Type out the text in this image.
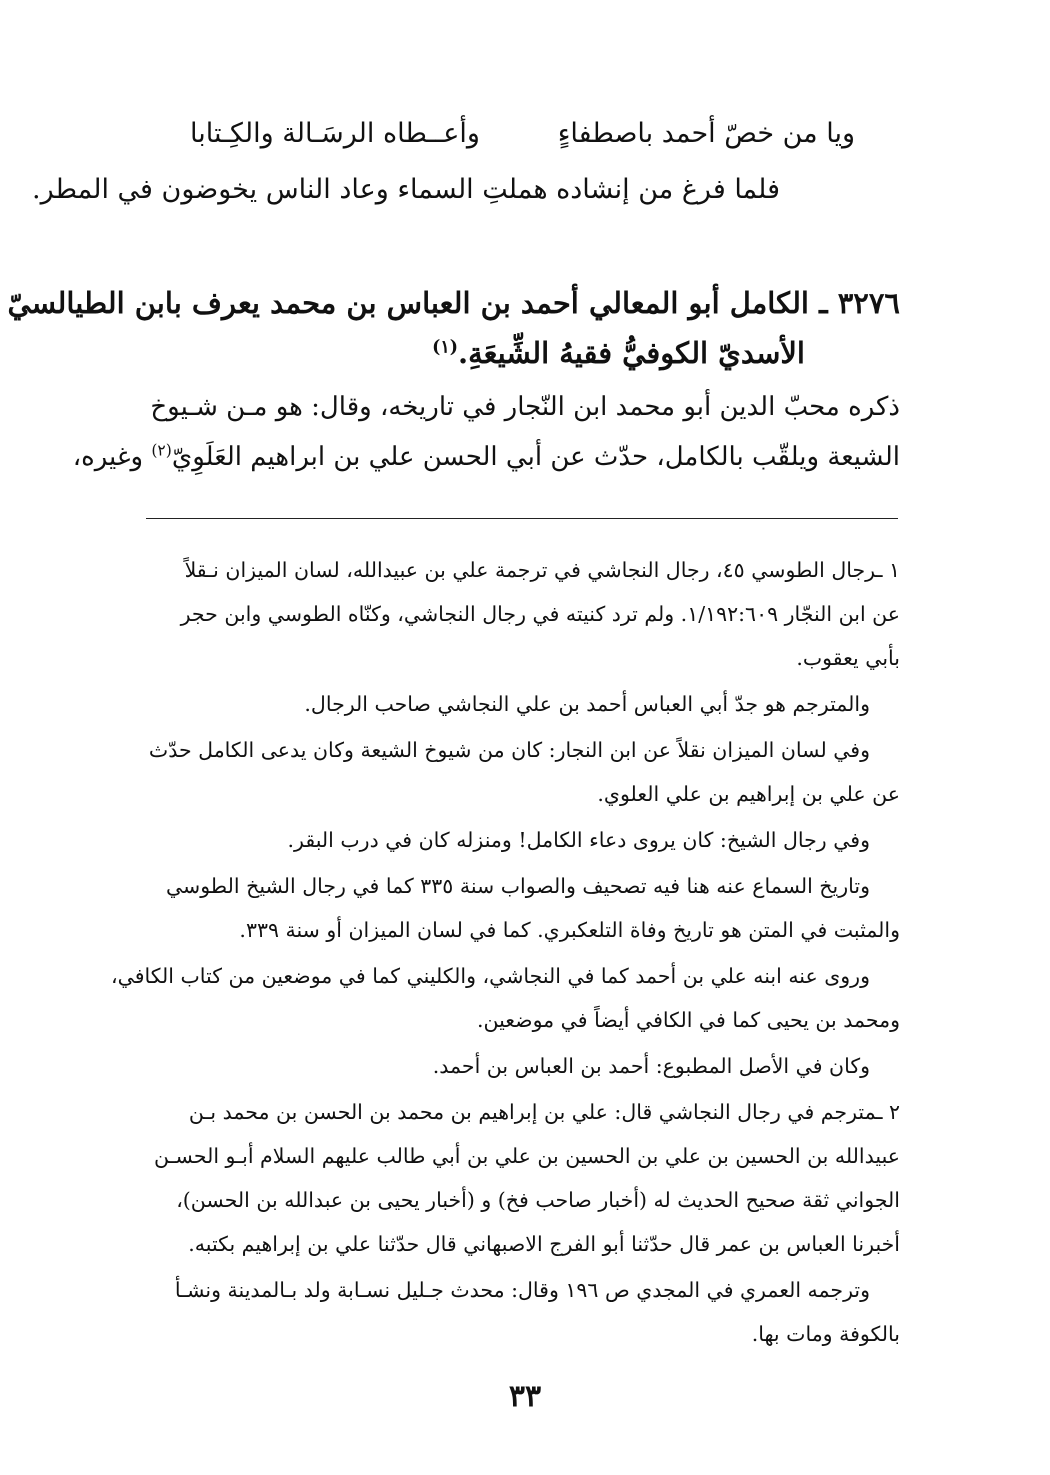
ويا من خصّ أحمد باصطفاءٍ
وأعــطاه الرسَـالة والكِـتابا
فلما فرغ من إنشاده هملتِ السماء وعاد الناس يخوضون في المطر.
٣٢٧٦ ـ الكامل أبو المعالي أحمد بن العباس بن محمد يعرف بابن الطيالسيّ
الأسديّ الكوفيُّ فقيهُ الشِّيعَةِ.$^{(١)}$
ذكره محبّ الدين أبو محمد ابن النّجار في تاريخه، وقال: هو مـن شـيوخ
الشيعة ويلقّب بالكامل، حدّث عن أبي الحسن علي بن ابراهيم العَلَوِيّ$^{(٢)}$ وغيره،
١ ـرجال الطوسي ٤٥، رجال النجاشي في ترجمة علي بن عبيدالله، لسان الميزان نـقلاً
عن ابن النجّار ١/١٩٢:٦٠٩. ولم ترد كنيته في رجال النجاشي، وكنّاه الطوسي وابن حجر
بأبي يعقوب.
والمترجم هو جدّ أبي العباس أحمد بن علي النجاشي صاحب الرجال.
وفي لسان الميزان نقلاً عن ابن النجار: كان من شيوخ الشيعة وكان يدعى الكامل حدّث
عن علي بن إبراهيم بن علي العلوي.
وفي رجال الشيخ: كان يروى دعاء الكامل! ومنزله كان في درب البقر.
وتاريخ السماع عنه هنا فيه تصحيف والصواب سنة ٣٣٥ كما في رجال الشيخ الطوسي
والمثبت في المتن هو تاريخ وفاة التلعكبري. كما في لسان الميزان أو سنة ٣٣٩.
وروى عنه ابنه علي بن أحمد كما في النجاشي، والكليني كما في موضعين من كتاب الكافي،
ومحمد بن يحيى كما في الكافي أيضاً في موضعين.
وكان في الأصل المطبوع: أحمد بن العباس بن أحمد.
٢ ـمترجم في رجال النجاشي قال: علي بن إبراهيم بن محمد بن الحسن بن محمد بـن
عبيدالله بن الحسين بن علي بن الحسين بن علي بن أبي طالب عليهم السلام أبـو الحسـن
الجواني ثقة صحيح الحديث له (أخبار صاحب فخ) و (أخبار يحيى بن عبدالله بن الحسن)،
أخبرنا العباس بن عمر قال حدّثنا أبو الفرج الاصبهاني قال حدّثنا علي بن إبراهيم بكتبه.
وترجمه العمري في المجدي ص ١٩٦ وقال: محدث جـليل نسـابة ولد بـالمدينة ونشـأ
بالكوفة ومات بها.
٣٣
